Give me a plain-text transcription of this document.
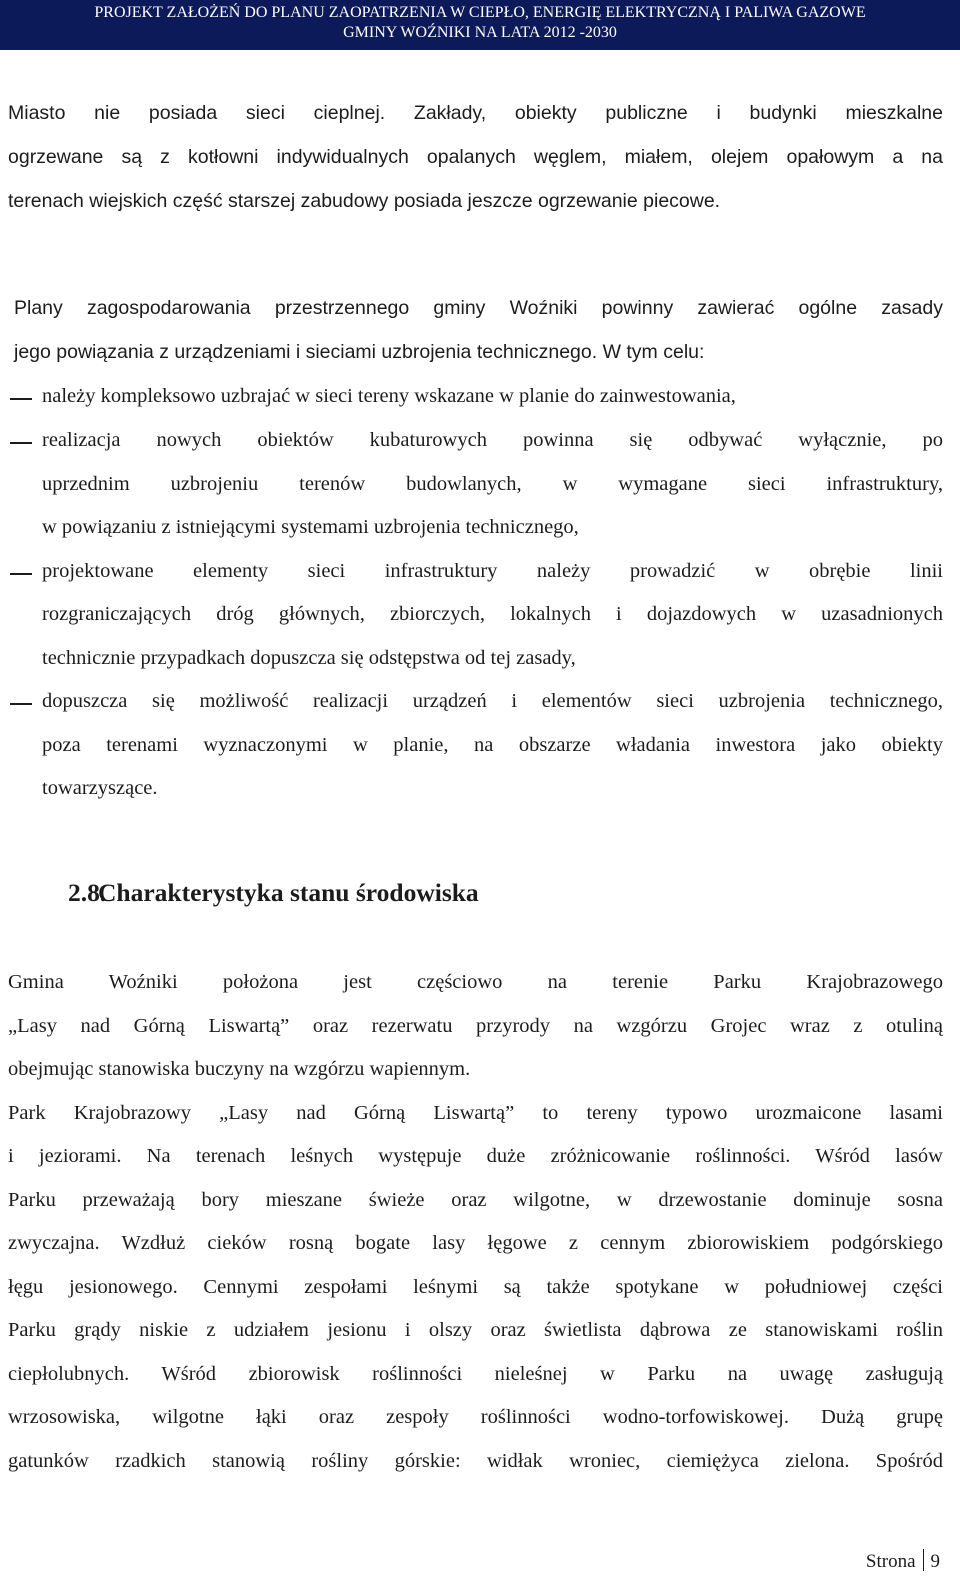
PROJEKT ZAŁOŻEŃ DO PLANU ZAOPATRZENIA W CIEPŁO, ENERGIĘ ELEKTRYCZNĄ I PALIWA GAZOWE
GMINY WOŹNIKI NA LATA 2012 -2030
Miasto nie posiada sieci cieplnej. Zakłady, obiekty publiczne i budynki mieszkalne
ogrzewane są z kotłowni indywidualnych opalanych węglem, miałem, olejem opałowym a na
terenach wiejskich część starszej zabudowy posiada jeszcze ogrzewanie piecowe.
Plany zagospodarowania przestrzennego gminy Woźniki powinny zawierać ogólne zasady
jego powiązania z urządzeniami i sieciami uzbrojenia technicznego. W tym celu:
należy kompleksowo uzbrajać w sieci tereny wskazane w planie do zainwestowania,
realizacja nowych obiektów kubaturowych powinna się odbywać wyłącznie, po
uprzednim uzbrojeniu terenów budowlanych, w wymagane sieci infrastruktury,
w powiązaniu z istniejącymi systemami uzbrojenia technicznego,
projektowane elementy sieci infrastruktury należy prowadzić w obrębie linii
rozgraniczających dróg głównych, zbiorczych, lokalnych i dojazdowych w uzasadnionych
technicznie przypadkach dopuszcza się odstępstwa od tej zasady,
dopuszcza się możliwość realizacji urządzeń i elementów sieci uzbrojenia technicznego,
poza terenami wyznaczonymi w planie, na obszarze władania inwestora jako obiekty
towarzyszące.
2.8.Charakterystyka stanu środowiska
Gmina Woźniki położona jest częściowo na terenie Parku Krajobrazowego
„Lasy nad Górną Liswartą” oraz rezerwatu przyrody na wzgórzu Grojec wraz z otuliną
obejmując stanowiska buczyny na wzgórzu wapiennym.
Park Krajobrazowy „Lasy nad Górną Liswartą” to tereny typowo urozmaicone lasami
i jeziorami. Na terenach leśnych występuje duże zróżnicowanie roślinności. Wśród lasów
Parku przeważają bory mieszane świeże oraz wilgotne, w drzewostanie dominuje sosna
zwyczajna. Wzdłuż cieków rosną bogate lasy łęgowe z cennym zbiorowiskiem podgórskiego
łęgu jesionowego. Cennymi zespołami leśnymi są także spotykane w południowej części
Parku grądy niskie z udziałem jesionu i olszy oraz świetlista dąbrowa ze stanowiskami roślin
ciepłolubnych. Wśród zbiorowisk roślinności nieleśnej w Parku na uwagę zasługują
wrzosowiska, wilgotne łąki oraz zespoły roślinności wodno-torfowiskowej. Dużą grupę
gatunków rzadkich stanowią rośliny górskie: widłak wroniec, ciemiężyca zielona. Spośród
Strona 9
